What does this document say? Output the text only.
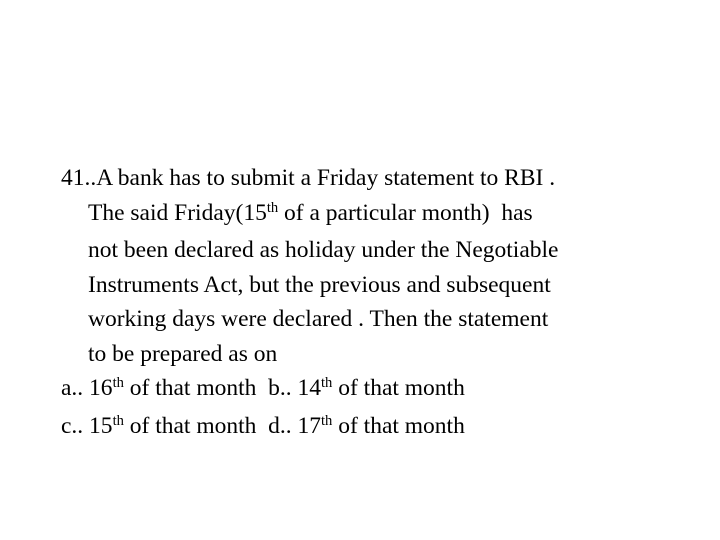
41..A bank has to submit a Friday statement to RBI .

The said Friday(15th of a particular month)  has

not been declared as holiday under the Negotiable

Instruments Act, but the previous and subsequent

working days were declared . Then the statement

to be prepared as on

a.. 16th of that month b.. 14th of that month

c.. 15th of that month d.. 17th of that month
